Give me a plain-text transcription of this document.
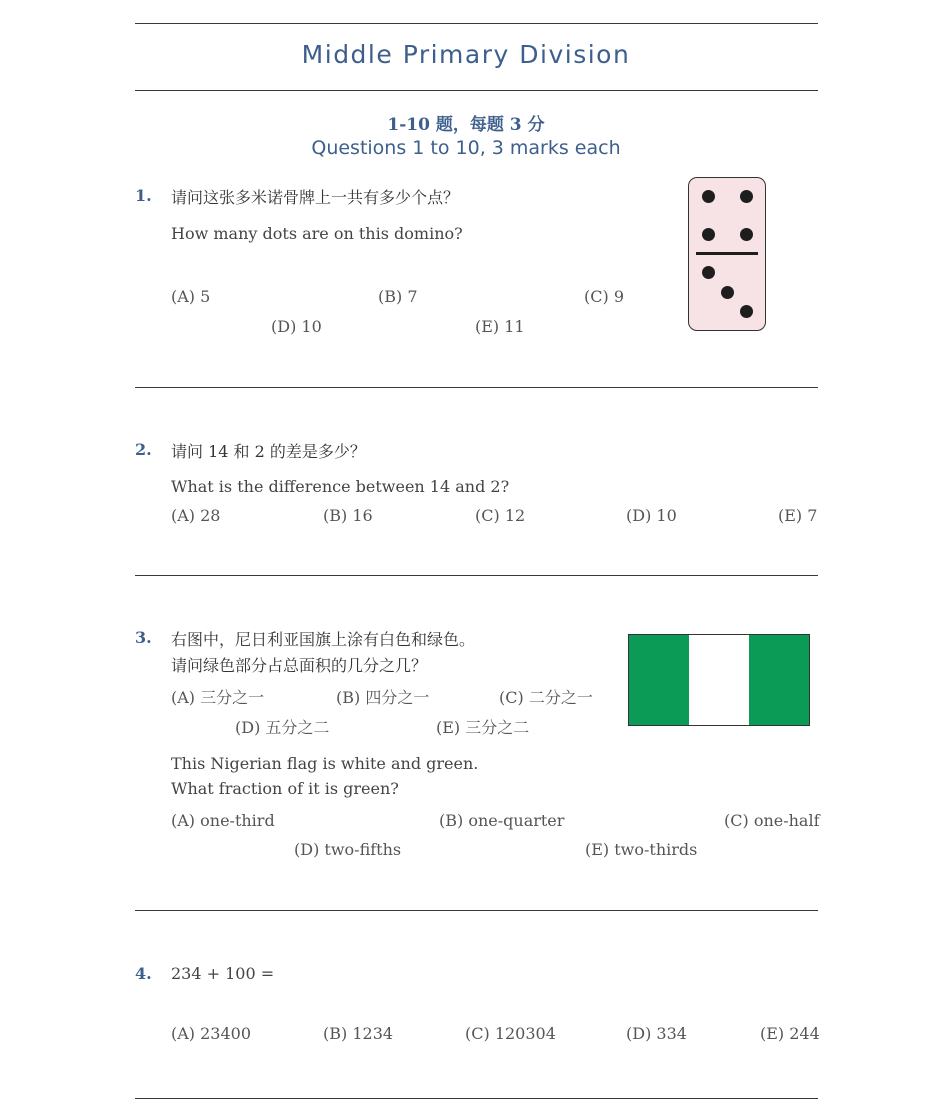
Middle Primary Division
1-10 题，每题 3 分
Questions 1 to 10, 3 marks each
1. 请问这张多米诺骨牌上一共有多少个点？
How many dots are on this domino?
(A) 5	(B) 7	(C) 9
(D) 10	(E) 11
2. 请问 14 和 2 的差是多少？
What is the difference between 14 and 2?
(A) 28	(B) 16	(C) 12	(D) 10	(E) 7
3. 右图中，尼日利亚国旗上涂有白色和绿色。
请问绿色部分占总面积的几分之几？
(A) 三分之一	(B) 四分之一	(C) 二分之一
(D) 五分之二	(E) 三分之二
This Nigerian flag is white and green.
What fraction of it is green?
(A) one-third	(B) one-quarter	(C) one-half
(D) two-fifths	(E) two-thirds
4. 234 + 100 =
(A) 23400	(B) 1234	(C) 120304	(D) 334	(E) 244
